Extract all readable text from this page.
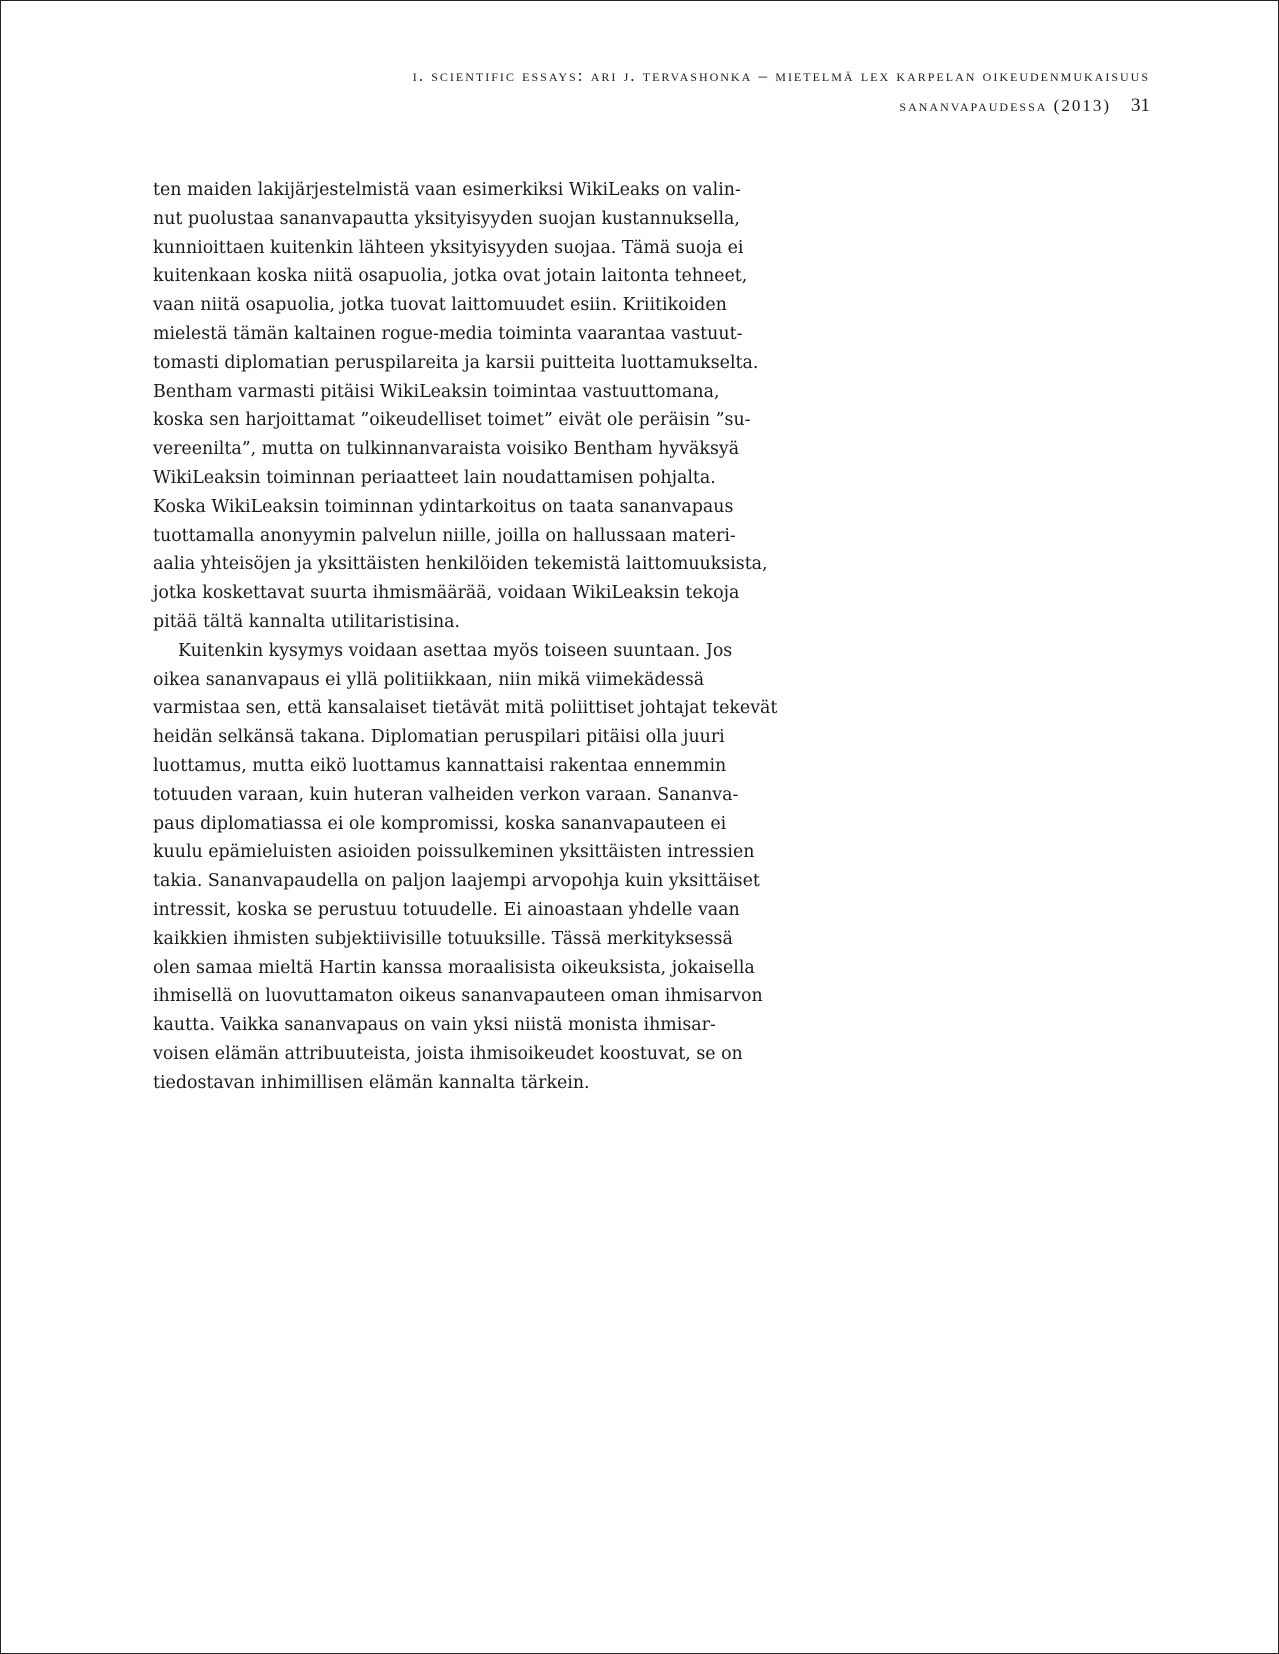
i. scientific essays: ari j. tervashonka – mietelmä lex karpelan oikeudenmukaisuus
sananvapaudessa (2013) 31
ten maiden lakijärjestelmistä vaan esimerkiksi WikiLeaks on valin-
nut puolustaa sananvapautta yksityisyyden suojan kustannuksella,
kunnioittaen kuitenkin lähteen yksityisyyden suojaa. Tämä suoja ei
kuitenkaan koska niitä osapuolia, jotka ovat jotain laitonta tehneet,
vaan niitä osapuolia, jotka tuovat laittomuudet esiin. Kriitikoiden
mielestä tämän kaltainen rogue-media toiminta vaarantaa vastuut-
tomasti diplomatian peruspilareita ja karsii puitteita luottamukselta.
Bentham varmasti pitäisi WikiLeaksin toimintaa vastuuttomana,
koska sen harjoittamat ”oikeudelliset toimet” eivät ole peräisin ”su-
vereenilta”, mutta on tulkinnanvaraista voisiko Bentham hyväksyä
WikiLeaksin toiminnan periaatteet lain noudattamisen pohjalta.
Koska WikiLeaksin toiminnan ydintarkoitus on taata sananvapaus
tuottamalla anonyymin palvelun niille, joilla on hallussaan materi-
aalia yhteisöjen ja yksittäisten henkilöiden tekemistä laittomuuksista,
jotka koskettavat suurta ihmismäärää, voidaan WikiLeaksin tekoja
pitää tältä kannalta utilitaristisina.
Kuitenkin kysymys voidaan asettaa myös toiseen suuntaan. Jos
oikea sananvapaus ei yllä politiikkaan, niin mikä viimekädessä
varmistaa sen, että kansalaiset tietävät mitä poliittiset johtajat tekevät
heidän selkänsä takana. Diplomatian peruspilari pitäisi olla juuri
luottamus, mutta eikö luottamus kannattaisi rakentaa ennemmin
totuuden varaan, kuin huteran valheiden verkon varaan. Sananva-
paus diplomatiassa ei ole kompromissi, koska sananvapauteen ei
kuulu epämieluisten asioiden poissulkeminen yksittäisten intressien
takia. Sananvapaudella on paljon laajempi arvopohja kuin yksittäiset
intressit, koska se perustuu totuudelle. Ei ainoastaan yhdelle vaan
kaikkien ihmisten subjektiivisille totuuksille. Tässä merkityksessä
olen samaa mieltä Hartin kanssa moraalisista oikeuksista, jokaisella
ihmisellä on luovuttamaton oikeus sananvapauteen oman ihmisarvon
kautta. Vaikka sananvapaus on vain yksi niistä monista ihmisar-
voisen elämän attribuuteista, joista ihmisoikeudet koostuvat, se on
tiedostavan inhimillisen elämän kannalta tärkein.
